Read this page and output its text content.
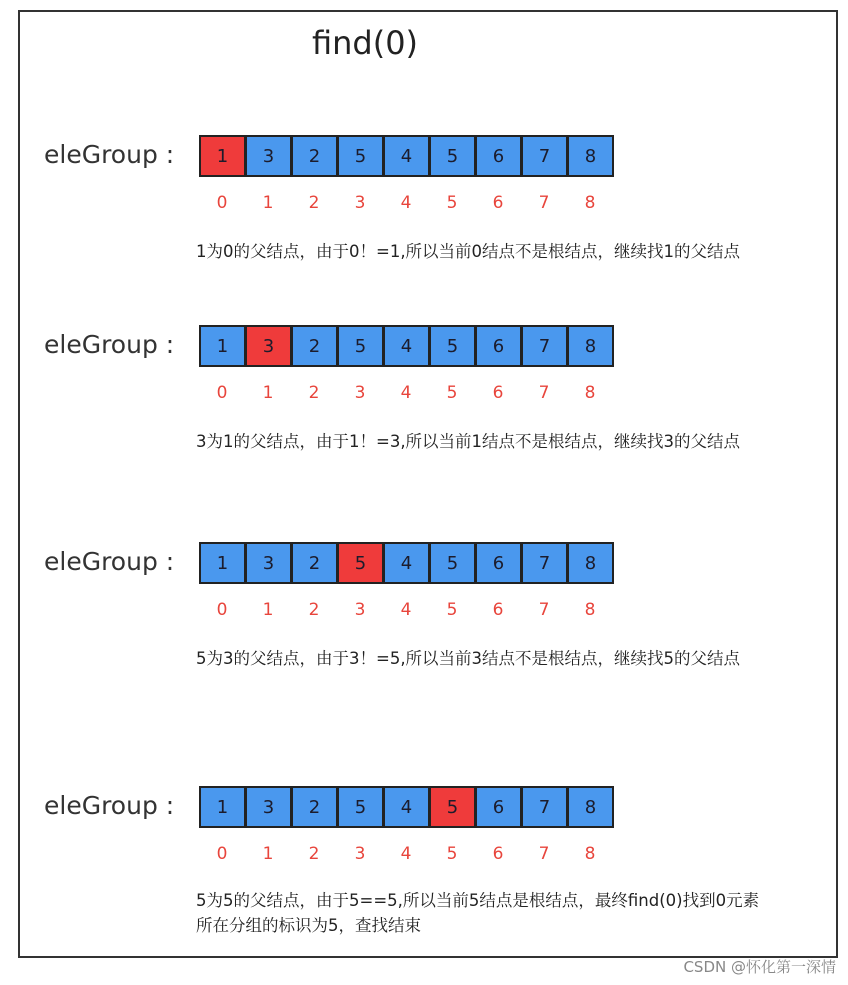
find(0)
eleGroup :	1	3	2	5	4	5	6	7	8
0	1	2	3	4	5	6	7	8
1为0的父结点，由于0！=1,所以当前0结点不是根结点，继续找1的父结点
eleGroup :	1	3	2	5	4	5	6	7	8
0	1	2	3	4	5	6	7	8
3为1的父结点，由于1！=3,所以当前1结点不是根结点，继续找3的父结点
eleGroup :	1	3	2	5	4	5	6	7	8
0	1	2	3	4	5	6	7	8
5为3的父结点，由于3！=5,所以当前3结点不是根结点，继续找5的父结点
eleGroup :	1	3	2	5	4	5	6	7	8
0	1	2	3	4	5	6	7	8
5为5的父结点，由于5==5,所以当前5结点是根结点，最终find(0)找到0元素
所在分组的标识为5，查找结束
CSDN @怀化第一深情
